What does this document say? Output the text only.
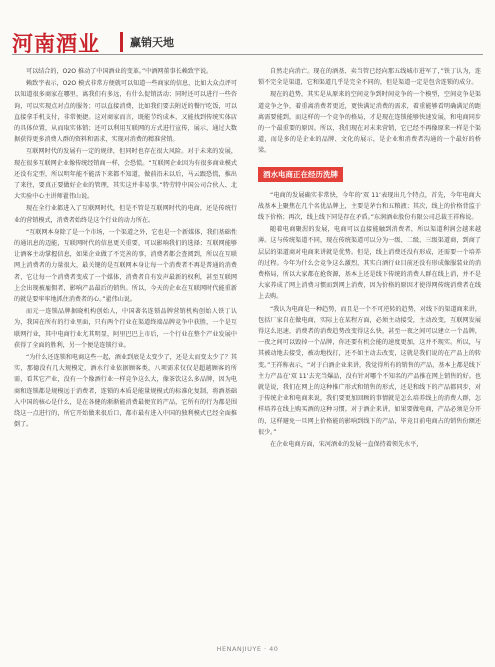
河南酒业	赢销天地

可以结合的，O2O 推动了中国酒业的变革。”中酒网董事长赖致宇说。

赖致宇表示，O2O 模式非常方便就可以知道一些商家的信息，比如大众点评可以知道很多商家在哪里，离我们有多远，有什么促销活动；同时还可以进行一些咨询，可以实现点对点的服务；可以直接消费，比如我们要去附近的餐厅吃饭，可以直接拿手机支付，非常便捷。这对商家而言，既能节约成本，又能找到传统实体店的具体位置，从而取实体销；还可以利用互联网的方式进行宣传，展示，通过大数据获得更多消费人群的资料和需求，实现对消费的精准营销。

互联网时代的发展有一定的规律，但同时也存在很大风险。对于未来的发展，现在很多互联网企业像传统经销商一样，会恐慌。“互联网企业因为有很多商业模式还没有定型，所以明年能不能活下来都不知道，做前沿未以后，马云跟恐慌，推出了来往，要真正要做好企业的管理，其实这并非易事。”特劳特中国公司合伙人、北大实验中心主讲师翟伟山说。

现在全行业都进入了互联网时代，但是不管是互联网时代的电商，还是传统行业的营销模式，消费者始终是这个行业的动力所在。

“互联网本身除了是一个市场，一个渠道之外，它也是一个新媒体，我们基础性的通讯息的迈能，互联网时代的信息更关重要，可以影响我们的选择；互联网能够让酒客主动掌握信息，如果企业做了不完善的事，消费者都会查阅到，所以在互联网上消费者的力量很大，最关键的是互联网本身让每一个消费者不再是普通的消费者，它让每一个消费者变成了一个媒体，消费者自有发声最新的权利，甚至互联网上会出现被雇佣者，影响产品最后的销售。所以，今天的企业在互联网时代能重新的就是要牢牢地抓住消费者的心。”翟伟山说。

而元一连锁品牌据晓机构创始人，中国著名连锁品牌营销机构创始人铁丁认为，我国在所有的行业里面，只有两个行业在渠道终端品牌竞争中获胜，一个是互联网行业，其中电商行业尤其明显，阿里巴巴上市后，一个行业在整个产业发展中获得了全面的胜利，另一个便是连锁行业。

“为什么还连锁和电商这些一起，酒业到底是太变少了，还是太而变太少了？其实，那德没有几大规模定，酒水行业依据顾客类，八项需求仅仅是超越顾客的所需，看其它产业，没有一个像酒行业一样竞争这么大，像茶饮这么多品牌，因为电商和连锁都是规模远于消费者，连锁的本质是能量规模式的标准化复制，将酒基础入中国的核心是什么，是在各健的渐渐能消费最便宜的产品，它所有的行为都是围绕这一点进行的，所它开始做来很后口，都市最有进入中国的独利模式已经全面推倒了。

自然走向消亡。现在的酒基、卖当管已经向那五线城市进军了，”铁丁认为，连锁不完全是渠道，它和渠道几乎是完全不同的，但是渠道一定是包含连锁的成分。

现在的趋势，其实是从原来的空间竞争到时间竞争的一个模型，空间竞争是渠道竞争之争，着重离消费者更近，更快满足消费的需求，着重能够看明确满足的距离需要能到，而这样的一个竞争的格局，才是现在连锁能够快速发展，和电商同步的一个最重要的原因。所以，我们现在对未来营销，它已经不再像原来一样是个渠道，而是多的是企业的品牌、文化的展示，是企业和消费者沟通的一个最好的桥梁。

酒水电商正在经历洗牌

“电商的发展确实非常快，今年的‘双 11’表现出几个特点，首先，今年电商大战基本上聚焦在几个名优品牌上，主要是茅台和五粮液；其次，线上的价格背监于线下价格；再次，线上线下同是存在矛盾。”东润酒业股份有限公司总裁王祥称说。

随着电商聚渥的发展，电商可以直接能触到消费者，所以渠道利润会越来越薄。这与传统渠道不同，现在传统渠道可以分为一级、二级、三级渠道商，到商了层层的渠道商对电商来讲就是优势。但是，线上消费还没有形成，还需要一个培养的过程。今年为什么会竞争这么激烈，其实白酒行业目前还没有形成像服装业的消费格局，所以大家都在抢资源，基本上还是线下传统的消费人群在线上消，并不是大家养成了网上消费习惯而到网上消费，因为价格的原因才使得网传统消费者在线上去购。

“我认为电商是一种趋势，而且是一个不可逆转的趋势，对线下的渠道商来讲，包括厂家自在做电商，实际上在某程方面，必须主动接受，主动改变，互联网发展得这么迅速，消费者的消费趋势改变得这么快，甚至一夜之间可以建立一个品牌，一夜之间可以毁掉一个品牌，你还要有机会能的速度更加，这并不现实。所以，与其被动地去接受，被动地找打，还不如主动去改变，这就是我们说的在产品上的转变。”王祥称表示，“对于白酒企业来讲，我觉得所有的销售的产品，基本上都是线下主力产品在‘双 11’去充当爆品，没有针对哪个不知名的产品推在网上销售的好。也就是说，我们在网上的这种推广形式和销售的形式，还是和线下的产品都同步，对于传统企业和电商来说，我们要更加回顾的事情就是怎么培养线上的消费人群，怎样培养在线上购买酒的这种习惯。对于酒企来讲，如果要做电商，产品必须是分开的，这样避免一旦网上价格能的影响到线下的产品，毕竟目前电商占的销售份额还很少。”

在企业电商方面，宋河酒业的发展一直保持着领先水平，

HENANJIUYE · 40
